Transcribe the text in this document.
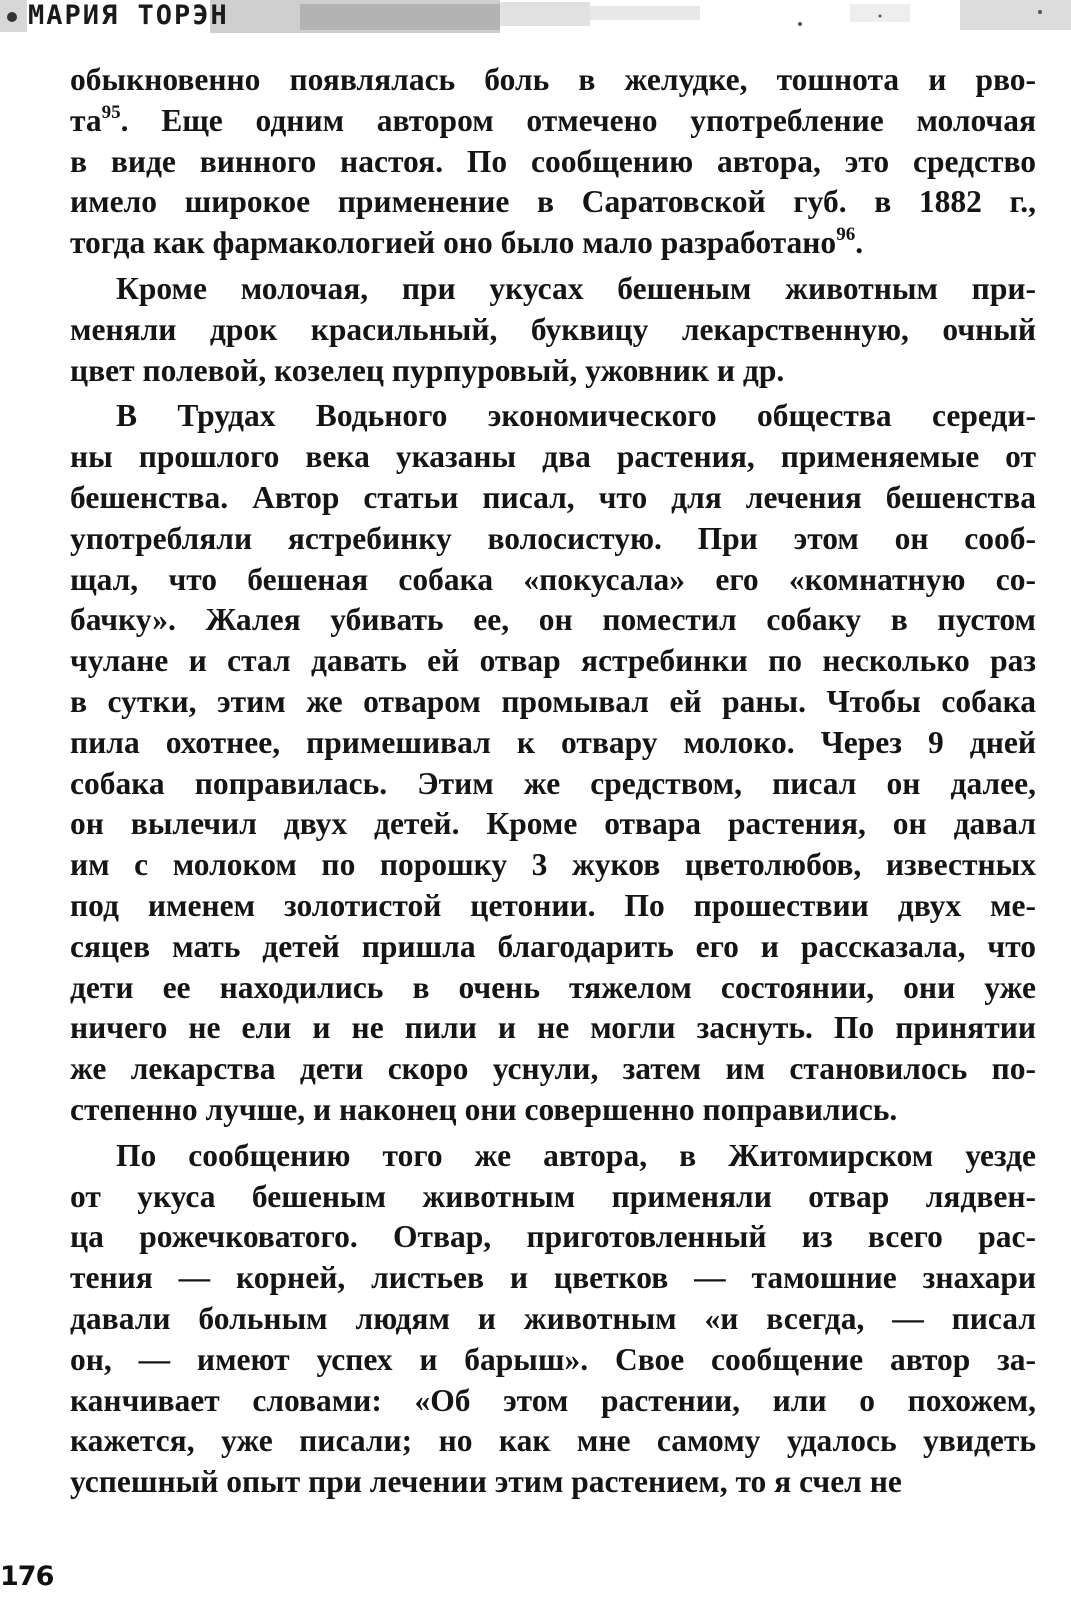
МАРИЯ ТОРЭН
обыкновенно появлялась боль в желудке, тошнота и рво-
$та^{95}$. Еще одним автором отмечено употребление молочая
в виде винного настоя. По сообщению автора, это средство
имело широкое применение в Саратовской губ. в 1882 г.,
тогда как фармакологией оно было мало разработано$^{96}$.
Кроме молочая, при укусах бешеным животным при-
меняли дрок красильный, буквицу лекарственную, очный
цвет полевой, козелец пурпуровый, ужовник и др.
В Трудах Водьного экономического общества середи-
ны прошлого века указаны два растения, применяемые от
бешенства. Автор статьи писал, что для лечения бешенства
употребляли ястребинку волосистую. При этом он сооб-
щал, что бешеная собака «покусала» его «комнатную со-
бачку». Жалея убивать ее, он поместил собаку в пустом
чулане и стал давать ей отвар ястребинки по несколько раз
в сутки, этим же отваром промывал ей раны. Чтобы собака
пила охотнее, примешивал к отвару молоко. Через 9 дней
собака поправилась. Этим же средством, писал он далее,
он вылечил двух детей. Кроме отвара растения, он давал
им с молоком по порошку 3 жуков цветолюбов, известных
под именем золотистой цетонии. По прошествии двух ме-
сяцев мать детей пришла благодарить его и рассказала, что
дети ее находились в очень тяжелом состоянии, они уже
ничего не ели и не пили и не могли заснуть. По принятии
же лекарства дети скоро уснули, затем им становилось по-
степенно лучше, и наконец они совершенно поправились.
По сообщению того же автора, в Житомирском уезде
от укуса бешеным животным применяли отвар лядвен-
ца рожечковатого. Отвар, приготовленный из всего рас-
тения — корней, листьев и цветков — тамошние знахари
давали больным людям и животным «и всегда, — писал
он, — имеют успех и барыш». Свое сообщение автор за-
канчивает словами: «Об этом растении, или о похожем,
кажется, уже писали; но как мне самому удалось увидеть
успешный опыт при лечении этим растением, то я счел не
176
